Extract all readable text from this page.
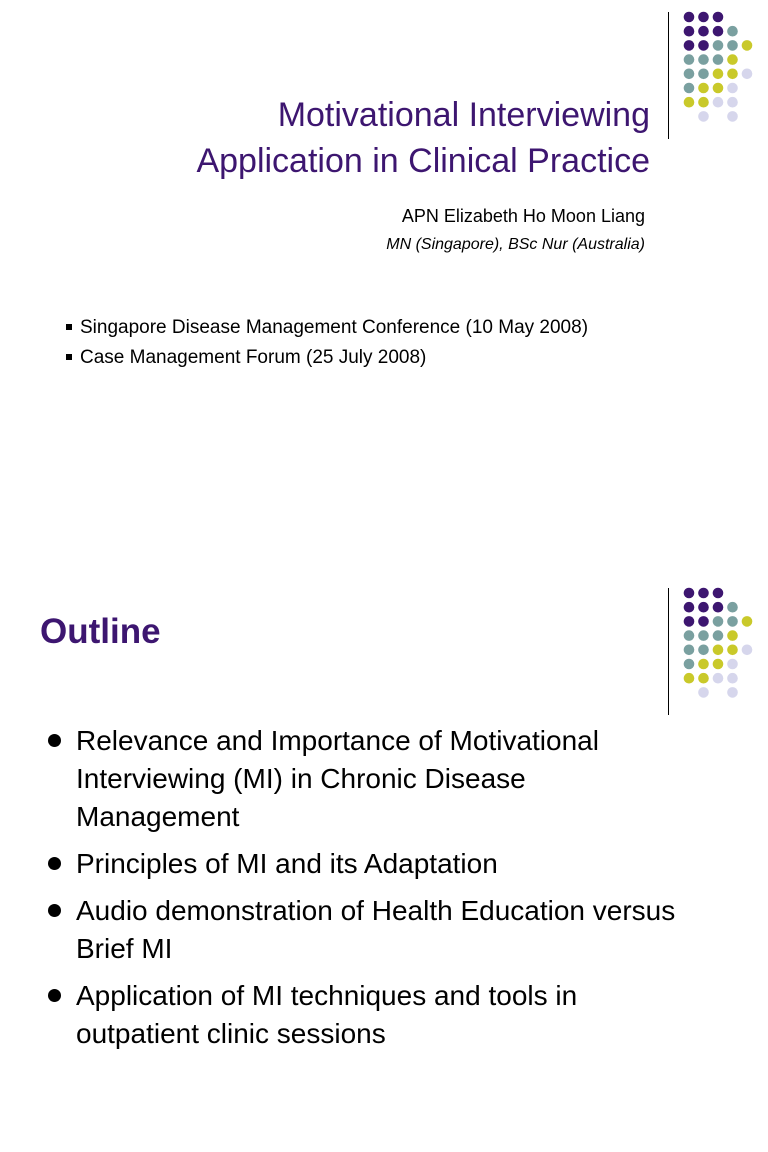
Motivational Interviewing
Application in Clinical Practice
APN Elizabeth Ho Moon Liang
MN (Singapore), BSc Nur (Australia)
Singapore Disease Management Conference (10 May 2008)
Case Management Forum (25 July 2008)
Outline
Relevance and Importance of Motivational Interviewing (MI) in Chronic Disease Management
Principles of MI and its Adaptation
Audio demonstration of Health Education versus Brief MI
Application of MI techniques and tools in outpatient clinic sessions
